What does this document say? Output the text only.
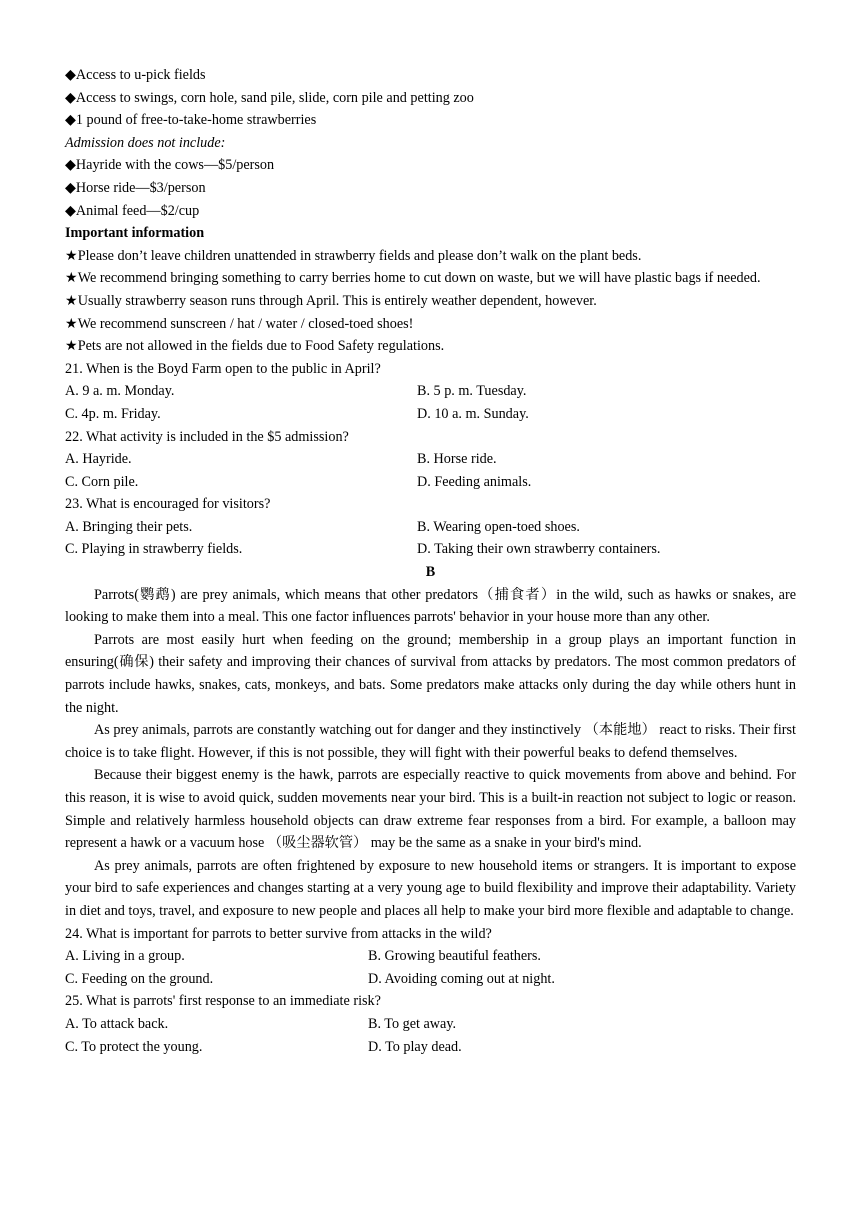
◆Access to u-pick fields
◆Access to swings, corn hole, sand pile, slide, corn pile and petting zoo
◆1 pound of free-to-take-home strawberries
Admission does not include:
◆Hayride with the cows—$5/person
◆Horse ride—$3/person
◆Animal feed—$2/cup
Important information
★Please don’t leave children unattended in strawberry fields and please don’t walk on the plant beds.

★We recommend bringing something to carry berries home to cut down on waste, but we will have plastic bags if needed.

★Usually strawberry season runs through April. This is entirely weather dependent, however.
★We recommend sunscreen / hat / water / closed-toed shoes!
★Pets are not allowed in the fields due to Food Safety regulations.
21. When is the Boyd Farm open to the public in April?
A. 9 a. m. Monday.	B. 5 p. m. Tuesday.
C. 4p. m. Friday.	D. 10 a. m. Sunday.
22. What activity is included in the $5 admission?
A. Hayride.	B. Horse ride.
C. Corn pile.	D. Feeding animals.
23. What is encouraged for visitors?
A. Bringing their pets.	B. Wearing open-toed shoes.
C. Playing in strawberry fields.	D. Taking their own strawberry containers.
B

Parrots(鹦鹉) are prey animals, which means that other predators（捕食者）in the wild, such as hawks or snakes, are looking to make them into a meal. This one factor influences parrots' behavior in your house more than any other.

Parrots are most easily hurt when feeding on the ground; membership in a group plays an important function in ensuring(确保) their safety and improving their chances of survival from attacks by predators. The most common predators of parrots include hawks, snakes, cats, monkeys, and bats. Some predators make attacks only during the day while others hunt in the night.

As prey animals, parrots are constantly watching out for danger and they instinctively （本能地） react to risks. Their first choice is to take flight. However, if this is not possible, they will fight with their powerful beaks to defend themselves.

Because their biggest enemy is the hawk, parrots are especially reactive to quick movements from above and behind. For this reason, it is wise to avoid quick, sudden movements near your bird. This is a built-in reaction not subject to logic or reason. Simple and relatively harmless household objects can draw extreme fear responses from a bird. For example, a balloon may represent a hawk or a vacuum hose （吸尘器软管） may be the same as a snake in your bird's mind.

As prey animals, parrots are often frightened by exposure to new household items or strangers. It is important to expose your bird to safe experiences and changes starting at a very young age to build flexibility and improve their adaptability. Variety in diet and toys, travel, and exposure to new people and places all help to make your bird more flexible and adaptable to change.

24. What is important for parrots to better survive from attacks in the wild?
A. Living in a group.	B. Growing beautiful feathers.
C. Feeding on the ground.	D. Avoiding coming out at night.
25. What is parrots' first response to an immediate risk?
A. To attack back.	B. To get away.
C. To protect the young.	D. To play dead.
